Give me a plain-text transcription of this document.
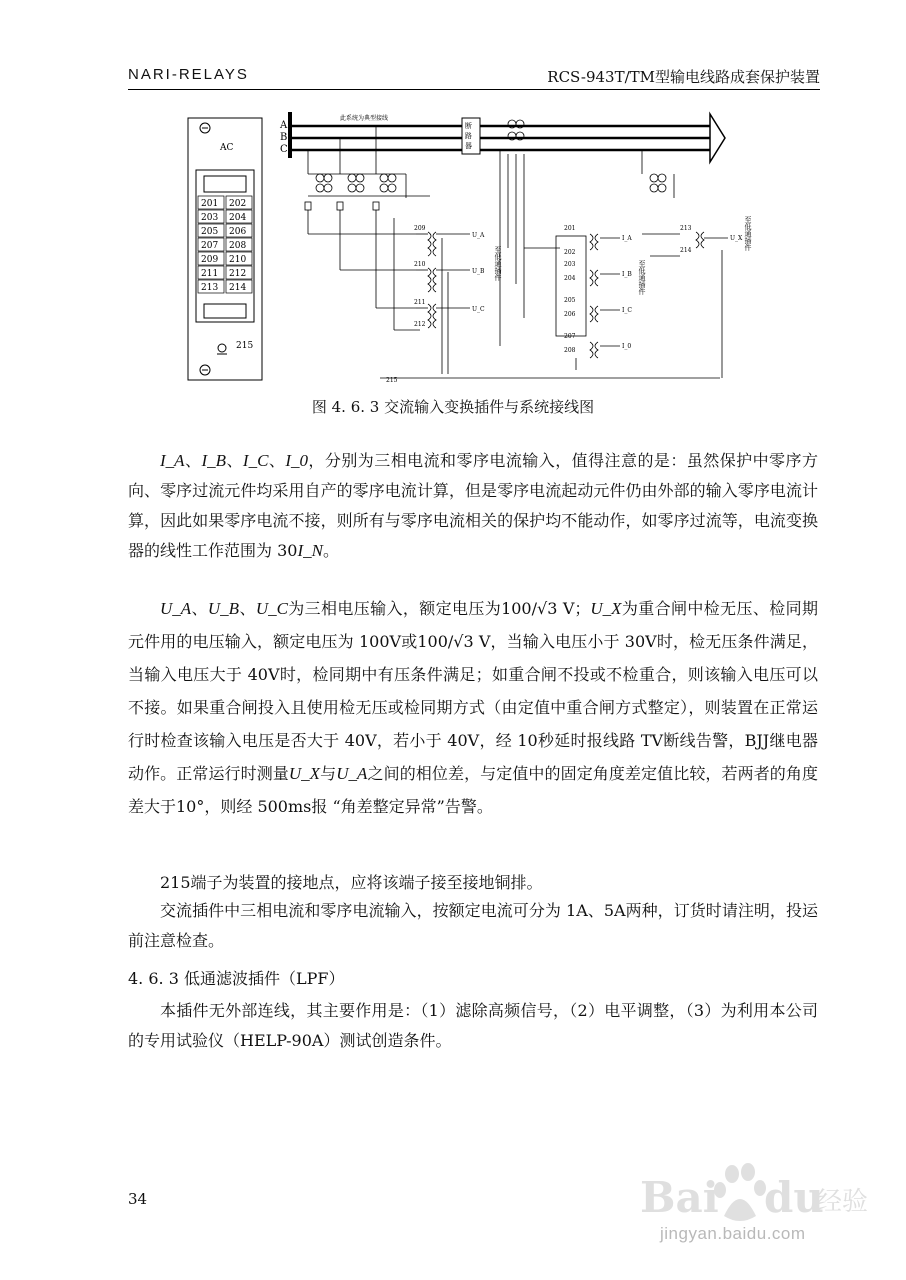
NARI-RELAYS	RCS-943T/TM型输电线路成套保护装置
AC
201 202
203 204
205 206
207 208
209 210
211 212
213 214
215
A
B
C
此系统为典型接线
断
路
器
209
210
211
212
U_A
U_B
U_C
至低通插件
215
201
202
203
204
205
206
207
208
I_A
I_B
I_C
I_0
至低通插件
213
214
U_X 至低通插件
图 4. 6. 3 交流输入变换插件与系统接线图
I_A、I_B、I_C、I_0，分别为三相电流和零序电流输入，值得注意的是：虽然保护中零序方向、零序过流元件均采用自产的零序电流计算，但是零序电流起动元件仍由外部的输入零序电流计算，因此如果零序电流不接，则所有与零序电流相关的保护均不能动作，如零序过流等，电流变换器的线性工作范围为 30I_N。
U_A、U_B、U_C为三相电压输入，额定电压为100/√3 V；U_X为重合闸中检无压、检同期元件用的电压输入，额定电压为 100V或100/√3 V，当输入电压小于 30V时，检无压条件满足，当输入电压大于 40V时，检同期中有压条件满足；如重合闸不投或不检重合，则该输入电压可以不接。如果重合闸投入且使用检无压或检同期方式（由定值中重合闸方式整定），则装置在正常运行时检查该输入电压是否大于 40V，若小于 40V，经 10秒延时报线路 TV断线告警，BJJ继电器动作。正常运行时测量U_X与U_A之间的相位差，与定值中的固定角度差定值比较，若两者的角度差大于10°，则经 500ms报 “角差整定异常”告警。
215端子为装置的接地点，应将该端子接至接地铜排。
交流插件中三相电流和零序电流输入，按额定电流可分为 1A、5A两种，订货时请注明，投运前注意检查。
4. 6. 3 低通滤波插件（LPF）
本插件无外部连线，其主要作用是：（1）滤除高频信号，（2）电平调整，（3）为利用本公司的专用试验仪（HELP-90A）测试创造条件。
34	Bai du
经验
jingyan.baidu.com
